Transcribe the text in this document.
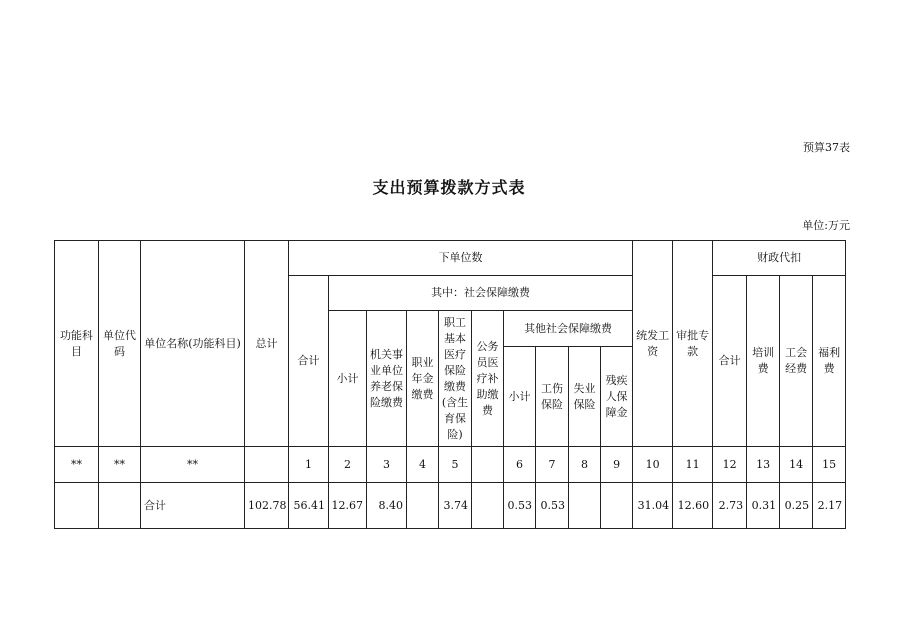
预算37表
支出预算拨款方式表
单位:万元
功能科目	单位代码	单位名称(功能科目)	总计	下单位数										统发工资	审批专款	财政代扣			
				合计	其中：社会保障缴费											合计	培训费	工会经费	福利费
					小计	机关事业单位养老保险缴费	职业年金缴费	职工基本医疗保险缴费(含生育保险)	公务员医疗补助缴费	其他社会保障缴费									
										小计	工伤保险	失业保险	残疾人保障金						

**	**	**		1	2	3	4	5		6	7	8	9	10	11	12	13	14	15
		合计	102.78	56.41	12.67	8.40		3.74		0.53	0.53			31.04	12.60	2.73	0.31	0.25	2.17
